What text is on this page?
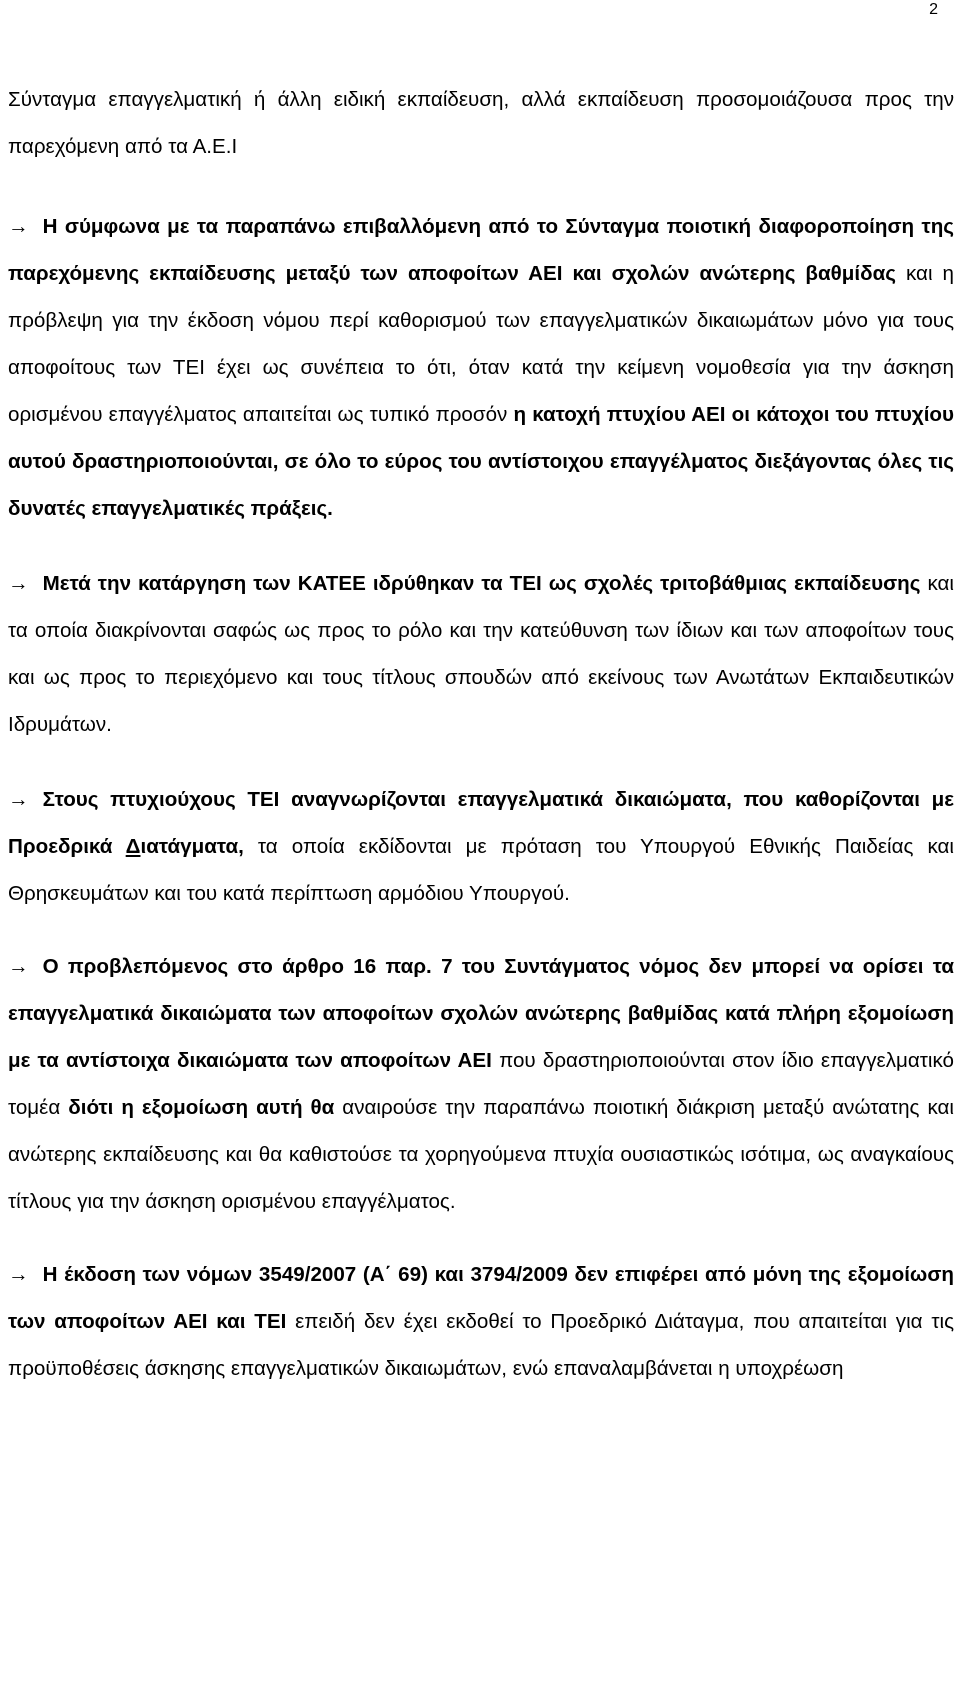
2

Σύνταγμα επαγγελματική ή άλλη ειδική εκπαίδευση, αλλά εκπαίδευση προσομοιάζουσα προς την παρεχόμενη από τα Α.Ε.Ι

→ Η σύμφωνα με τα παραπάνω επιβαλλόμενη από το Σύνταγμα ποιοτική διαφοροποίηση της παρεχόμενης εκπαίδευσης μεταξύ των αποφοίτων ΑΕΙ και σχολών ανώτερης βαθμίδας και η πρόβλεψη για την έκδοση νόμου περί καθορισμού των επαγγελματικών δικαιωμάτων μόνο για τους αποφοίτους των ΤΕΙ έχει ως συνέπεια το ότι, όταν κατά την κείμενη νομοθεσία για την άσκηση ορισμένου επαγγέλματος απαιτείται ως τυπικό προσόν η κατοχή πτυχίου ΑΕΙ οι κάτοχοι του πτυχίου αυτού δραστηριοποιούνται, σε όλο το εύρος του αντίστοιχου επαγγέλματος διεξάγοντας όλες τις δυνατές επαγγελματικές πράξεις.

→ Μετά την κατάργηση των ΚΑΤΕΕ ιδρύθηκαν τα ΤΕΙ ως σχολές τριτοβάθμιας εκπαίδευσης και τα οποία διακρίνονται σαφώς ως προς το ρόλο και την κατεύθυνση των ίδιων και των αποφοίτων τους και ως προς το περιεχόμενο και τους τίτλους σπουδών από εκείνους των Ανωτάτων Εκπαιδευτικών Ιδρυμάτων.

→ Στους πτυχιούχους ΤΕΙ αναγνωρίζονται επαγγελματικά δικαιώματα, που καθορίζονται με Προεδρικά Διατάγματα, τα οποία εκδίδονται με πρόταση του Υπουργού Εθνικής Παιδείας και Θρησκευμάτων και του κατά περίπτωση αρμόδιου Υπουργού.

→ Ο προβλεπόμενος στο άρθρο 16 παρ. 7 του Συντάγματος νόμος δεν μπορεί να ορίσει τα επαγγελματικά δικαιώματα των αποφοίτων σχολών ανώτερης βαθμίδας κατά πλήρη εξομοίωση με τα αντίστοιχα δικαιώματα των αποφοίτων ΑΕΙ που δραστηριοποιούνται στον ίδιο επαγγελματικό τομέα διότι η εξομοίωση αυτή θα αναιρούσε την παραπάνω ποιοτική διάκριση μεταξύ ανώτατης και ανώτερης εκπαίδευσης και θα καθιστούσε τα χορηγούμενα πτυχία ουσιαστικώς ισότιμα, ως αναγκαίους τίτλους για την άσκηση ορισμένου επαγγέλματος.

→ Η έκδοση των νόμων 3549/2007 (Α΄ 69) και 3794/2009 δεν επιφέρει από μόνη της εξομοίωση των αποφοίτων ΑΕΙ και ΤΕΙ επειδή δεν έχει εκδοθεί το Προεδρικό Διάταγμα, που απαιτείται για τις προϋποθέσεις άσκησης επαγγελματικών δικαιωμάτων, ενώ επαναλαμβάνεται η υποχρέωση
